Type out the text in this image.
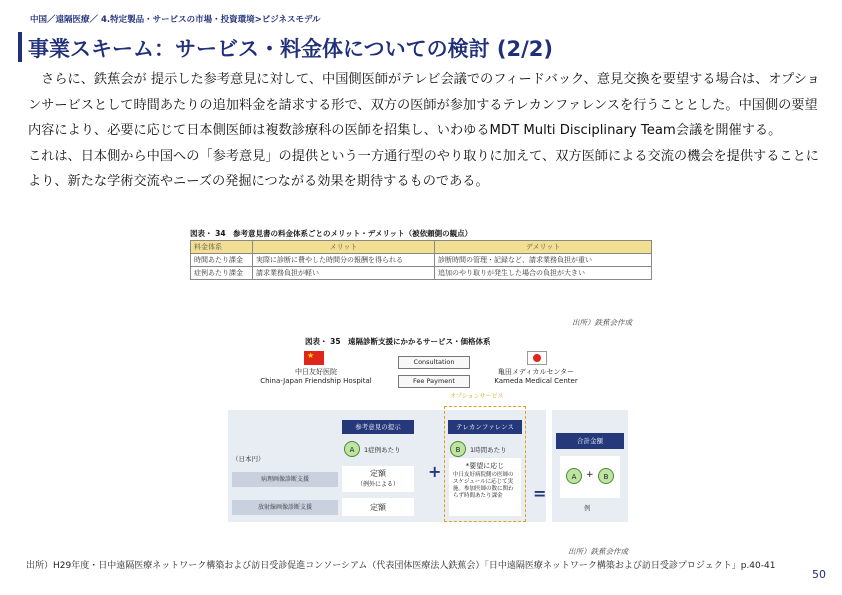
中国／遠隔医療／ 4.特定製品・サービスの市場・投資環境>ビジネスモデル
事業スキーム：サービス・料金体についての検討 (2/2)

　さらに、鉄蕉会が 提示した参考意見に対して、中国側医師がテレビ会議でのフィードバック、意見交換を要望する場合は、オプションサービスとして時間あたりの追加料金を請求する形で、双方の医師が参加するテレカンファレンスを行うこととした。中国側の要望内容により、必要に応じて日本側医師は複数診療科の医師を招集し、いわゆるMDT Multi Disciplinary Team会議を開催する。

これは、日本側から中国への「参考意見」の提供という一方通行型のやり取りに加えて、双方医師による交流の機会を提供することにより、新たな学術交流やニーズの発掘につながる効果を期待するものである。

図表・ 34　参考意見書の料金体系ごとのメリット・デメリット（被依頼側の観点）
料金体系	メリット	デメリット
時間あたり課金	実際に診断に費やした時間分の報酬を得られる	診断時間の管理・記録など、請求業務負担が重い
症例あたり課金	請求業務負担が軽い	追加のやり取りが発生した場合の負担が大きい
出所）鉄蕉会作成
図表・ 35　遠隔診断支援にかかるサービス・価格体系
★
中日友好医院
China-Japan Friendship Hospital
亀田メディカルセンター
Kameda Medical Center
Consultation
Fee Payment
オプションサービス
参考意見の提示	テレカンファレンス
合計金額
A	1症例あたり	B	1時間あたり
（日本円）
病理画像診断支援
放射線画像診断支援
定額
（例外による）
定額
+	*要望に応じ
中日友好病院側の医師のスケジュールに応じて実施。参加医師の数に関わらず時間あたり課金	=
A	+	B
例
出所）鉄蕉会作成
出所）H29年度・日中遠隔医療ネットワーク構築および訪日受診促進コンソーシアム（代表団体医療法人鉄蕉会）「日中遠隔医療ネットワーク構築および訪日受診プロジェクト」p.40-41
50
